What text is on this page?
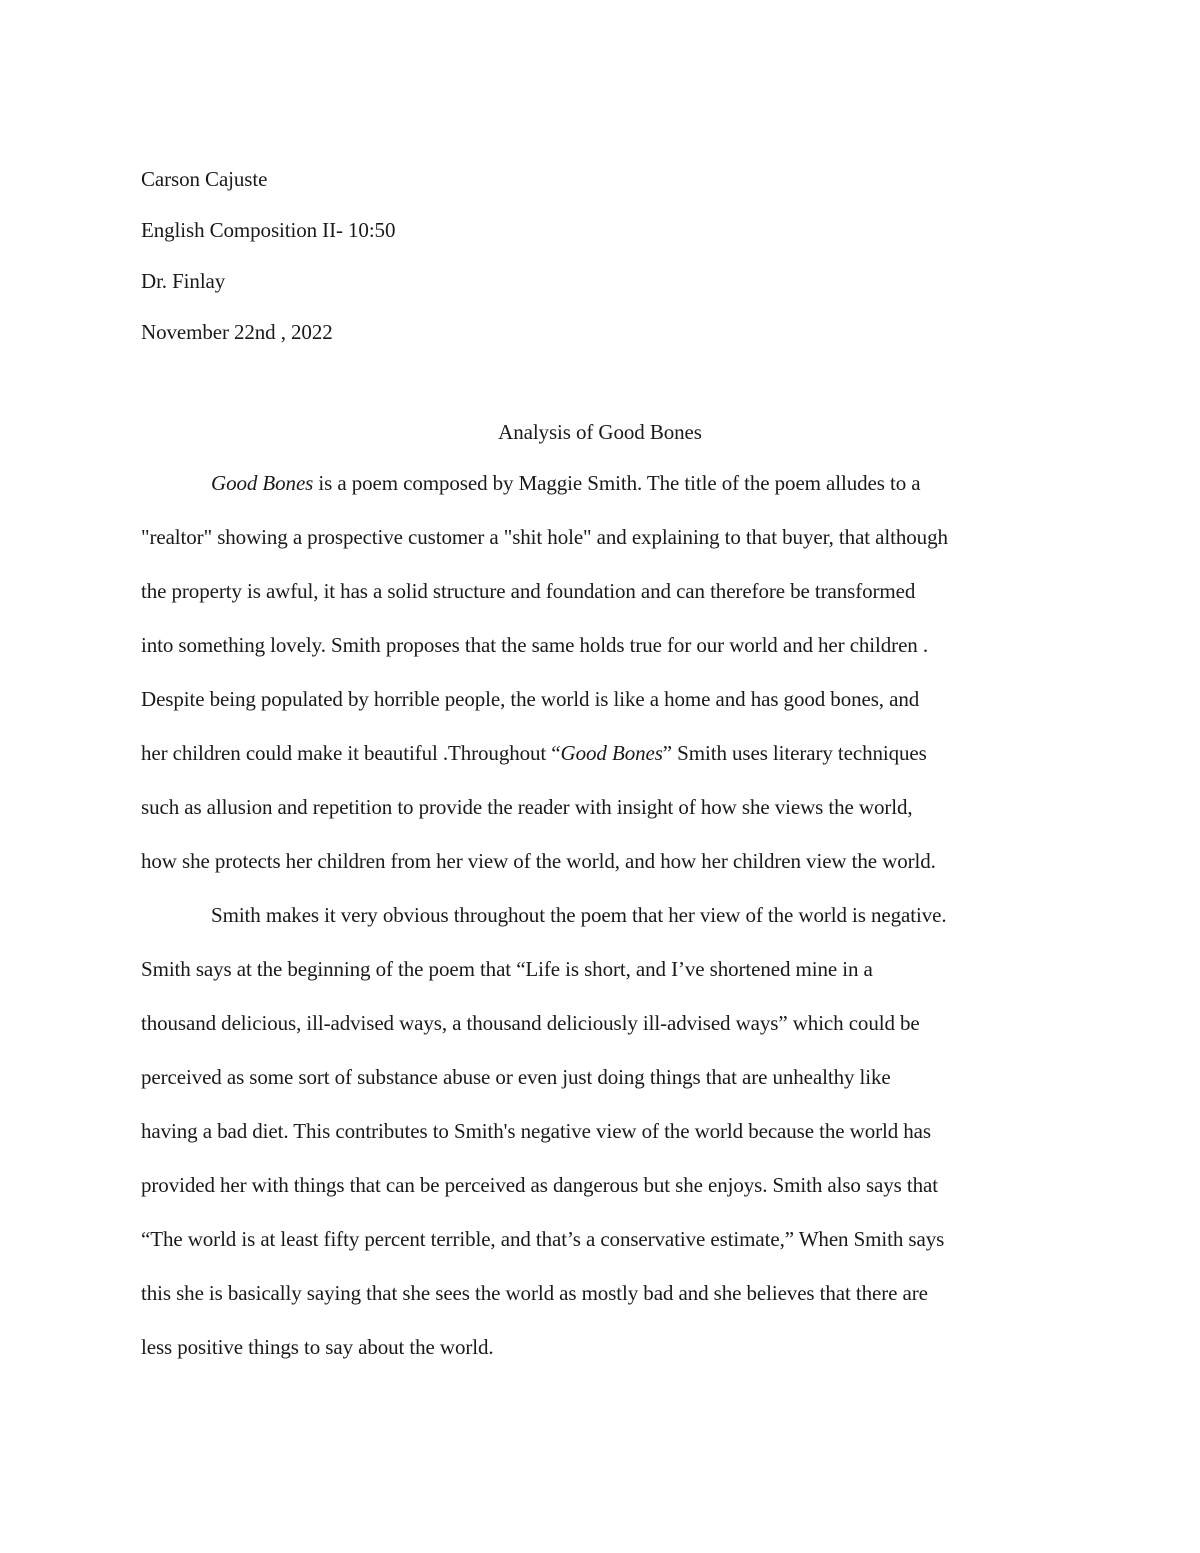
Carson Cajuste
English Composition II- 10:50
Dr. Finlay
November 22nd , 2022
Analysis of Good Bones
Good Bones is a poem composed by Maggie Smith. The title of the poem alludes to a
"realtor" showing a prospective customer a "shit hole" and explaining to that buyer, that although
the property is awful, it has a solid structure and foundation and can therefore be transformed
into something lovely. Smith proposes that the same holds true for our world and her children .
Despite being populated by horrible people, the world is like a home and has good bones, and
her children could make it beautiful .Throughout “Good Bones” Smith uses literary techniques
such as allusion and repetition to provide the reader with insight of how she views the world,
how she protects her children from her view of the world, and how her children view the world.
Smith makes it very obvious throughout the poem that her view of the world is negative.
Smith says at the beginning of the poem that “Life is short, and I’ve shortened mine in a
thousand delicious, ill-advised ways, a thousand deliciously ill-advised ways” which could be
perceived as some sort of substance abuse or even just doing things that are unhealthy like
having a bad diet. This contributes to Smith's negative view of the world because the world has
provided her with things that can be perceived as dangerous but she enjoys. Smith also says that
“The world is at least fifty percent terrible, and that’s a conservative estimate,” When Smith says
this she is basically saying that she sees the world as mostly bad and she believes that there are
less positive things to say about the world.
